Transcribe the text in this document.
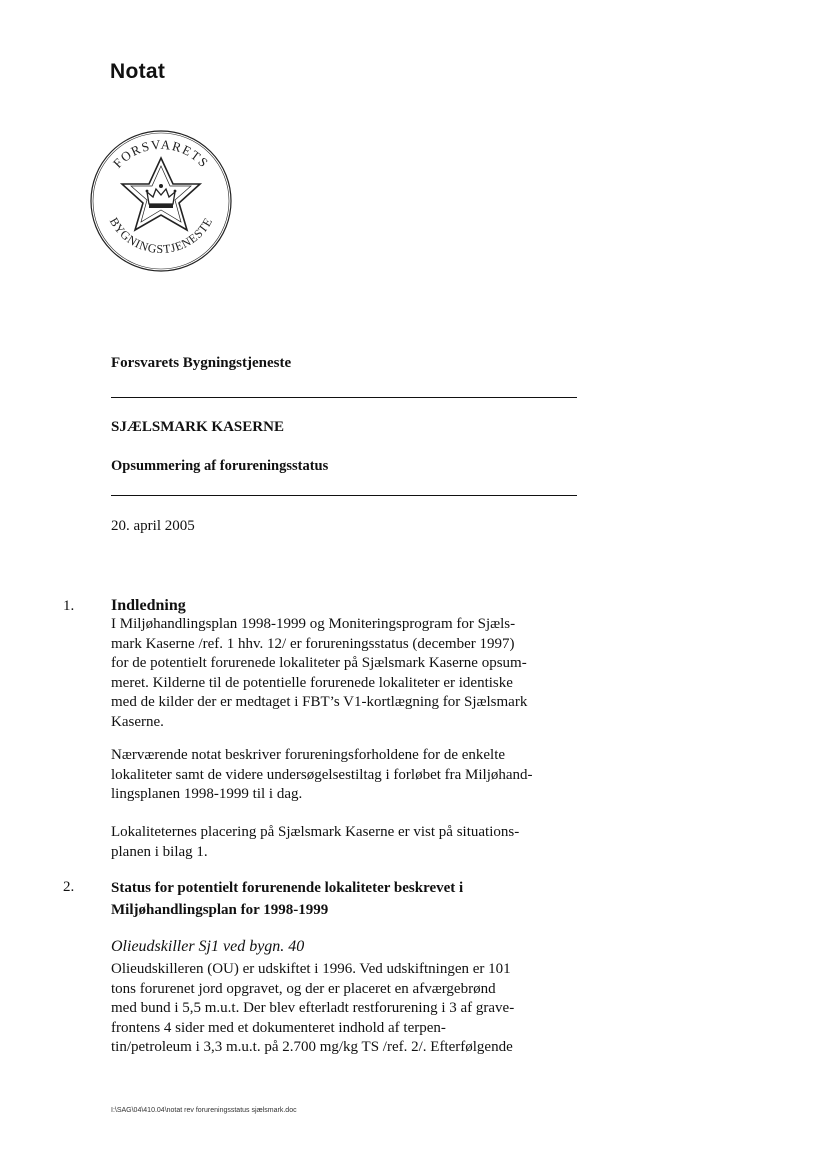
Notat
FORSVARETS
BYGNINGSTJENESTE
Forsvarets Bygningstjeneste
SJÆLSMARK KASERNE
Opsummering af forureningsstatus
20. april 2005
1. Indledning
I Miljøhandlingsplan 1998-1999 og Moniteringsprogram for Sjæls-
mark Kaserne /ref. 1 hhv. 12/ er forureningsstatus (december 1997)
for de potentielt forurenede lokaliteter på Sjælsmark Kaserne opsum-
meret. Kilderne til de potentielle forurenede lokaliteter er identiske
med de kilder der er medtaget i FBT’s V1-kortlægning for Sjælsmark
Kaserne.
Nærværende notat beskriver forureningsforholdene for de enkelte
lokaliteter samt de videre undersøgelsestiltag i forløbet fra Miljøhand-
lingsplanen 1998-1999 til i dag.
Lokaliteternes placering på Sjælsmark Kaserne er vist på situations-
planen i bilag 1.
2. Status for potentielt forurenende lokaliteter beskrevet i
Miljøhandlingsplan for 1998-1999
Olieudskiller Sj1 ved bygn. 40
Olieudskilleren (OU) er udskiftet i 1996. Ved udskiftningen er 101
tons forurenet jord opgravet, og der er placeret en afværgebrønd
med bund i 5,5 m.u.t. Der blev efterladt restforurening i 3 af grave-
frontens 4 sider med et dokumenteret indhold af terpen-
tin/petroleum i 3,3 m.u.t. på 2.700 mg/kg TS /ref. 2/. Efterfølgende
I:\SAG\04\410.04\notat rev forureningsstatus sjælsmark.doc
